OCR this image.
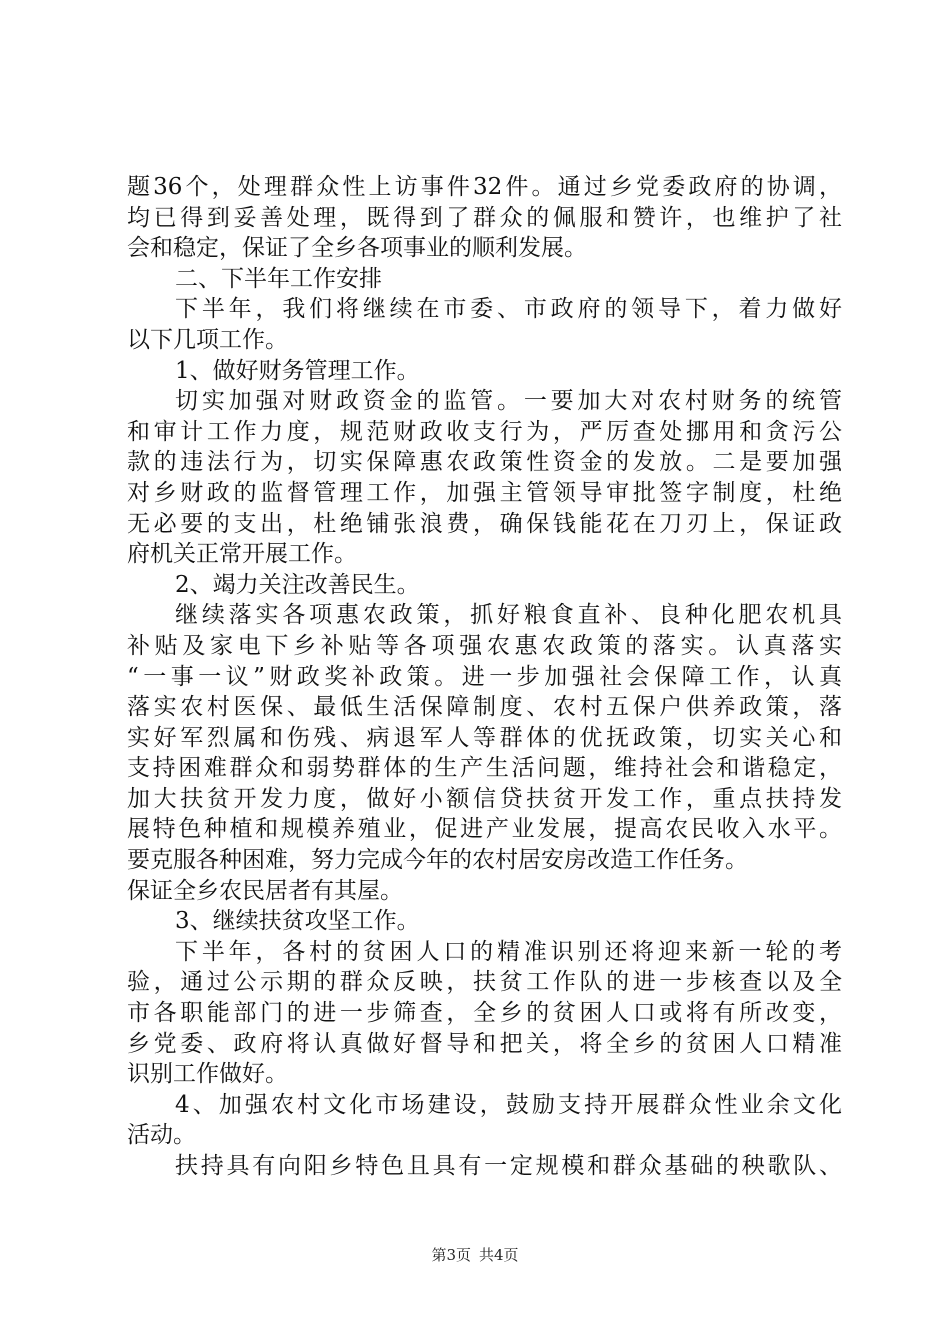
题36个，处理群众性上访事件32件。通过乡党委政府的协调，
均已得到妥善处理，既得到了群众的佩服和赞许，也维护了社
会和稳定，保证了全乡各项事业的顺利发展。
二、下半年工作安排
下半年，我们将继续在市委、市政府的领导下，着力做好
以下几项工作。
1、做好财务管理工作。
切实加强对财政资金的监管。一要加大对农村财务的统管
和审计工作力度，规范财政收支行为，严厉查处挪用和贪污公
款的违法行为，切实保障惠农政策性资金的发放。二是要加强
对乡财政的监督管理工作，加强主管领导审批签字制度，杜绝
无必要的支出，杜绝铺张浪费，确保钱能花在刀刃上，保证政
府机关正常开展工作。
2、竭力关注改善民生。
继续落实各项惠农政策，抓好粮食直补、良种化肥农机具
补贴及家电下乡补贴等各项强农惠农政策的落实。认真落实
“一事一议”财政奖补政策。进一步加强社会保障工作，认真
落实农村医保、最低生活保障制度、农村五保户供养政策，落
实好军烈属和伤残、病退军人等群体的优抚政策，切实关心和
支持困难群众和弱势群体的生产生活问题，维持社会和谐稳定，
加大扶贫开发力度，做好小额信贷扶贫开发工作，重点扶持发
展特色种植和规模养殖业，促进产业发展，提高农民收入水平。
要克服各种困难，努力完成今年的农村居安房改造工作任务。
保证全乡农民居者有其屋。
3、继续扶贫攻坚工作。
下半年，各村的贫困人口的精准识别还将迎来新一轮的考
验，通过公示期的群众反映，扶贫工作队的进一步核查以及全
市各职能部门的进一步筛查，全乡的贫困人口或将有所改变，
乡党委、政府将认真做好督导和把关，将全乡的贫困人口精准
识别工作做好。
4、加强农村文化市场建设，鼓励支持开展群众性业余文化
活动。
扶持具有向阳乡特色且具有一定规模和群众基础的秧歌队、
第3页 共4页
